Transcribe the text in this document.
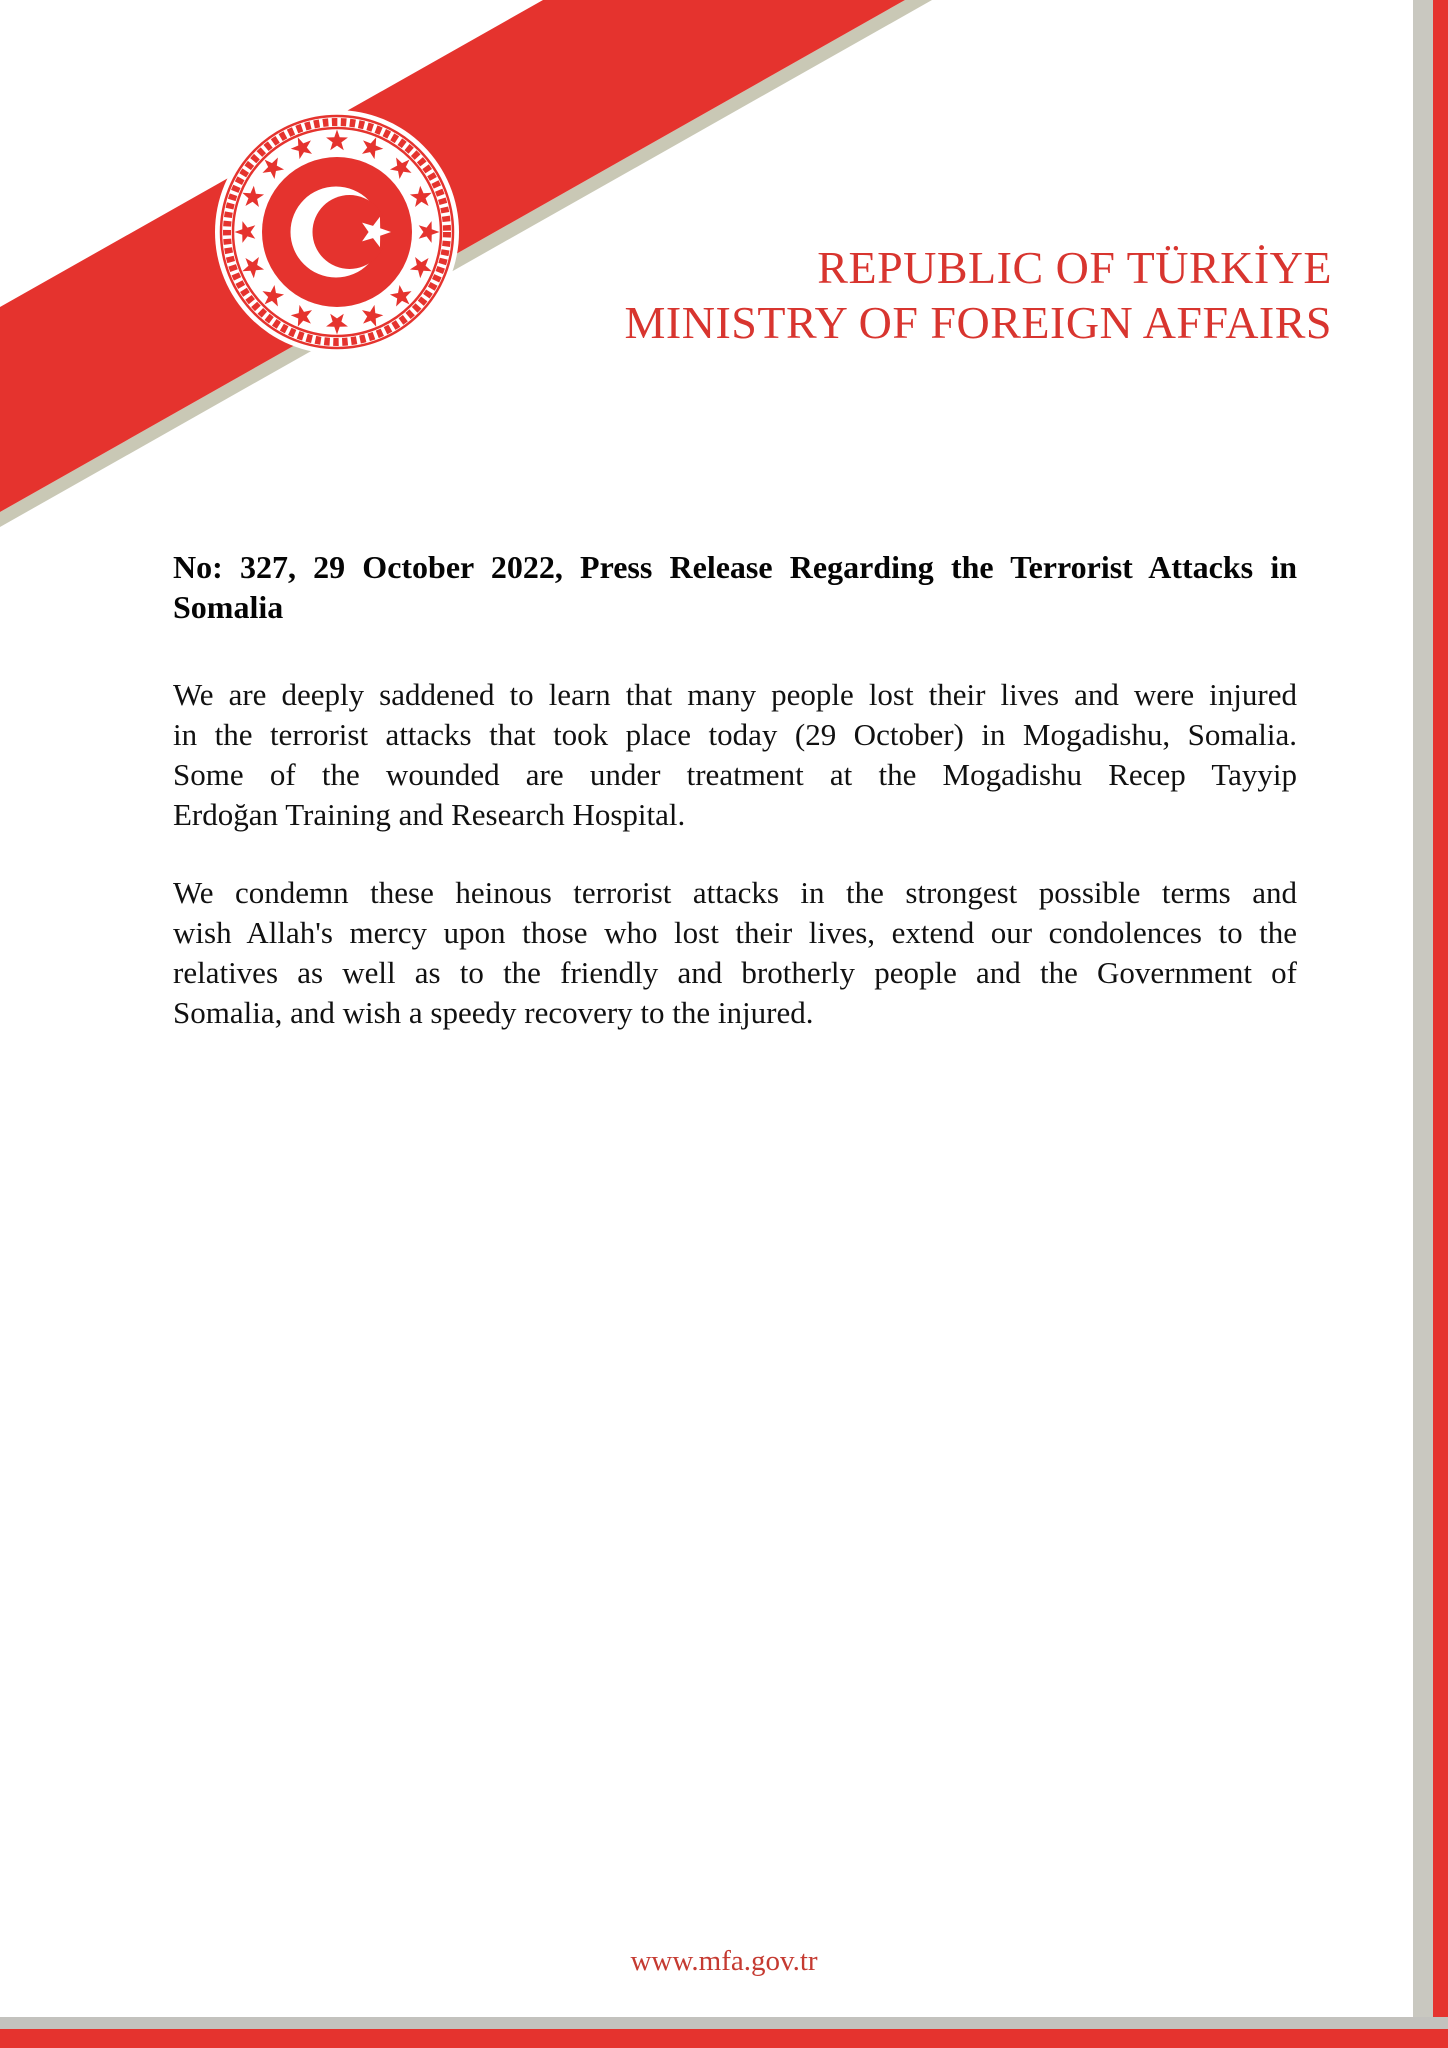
REPUBLIC OF TÜRKİYE
MINISTRY OF FOREIGN AFFAIRS
No: 327, 29 October 2022, Press Release Regarding the Terrorist Attacks in
Somalia

We are deeply saddened to learn that many people lost their lives and were injured
in the terrorist attacks that took place today (29 October) in Mogadishu, Somalia.
Some of the wounded are under treatment at the Mogadishu Recep Tayyip
Erdoğan Training and Research Hospital.

We condemn these heinous terrorist attacks in the strongest possible terms and
wish Allah's mercy upon those who lost their lives, extend our condolences to the
relatives as well as to the friendly and brotherly people and the Government of
Somalia, and wish a speedy recovery to the injured.

www.mfa.gov.tr
